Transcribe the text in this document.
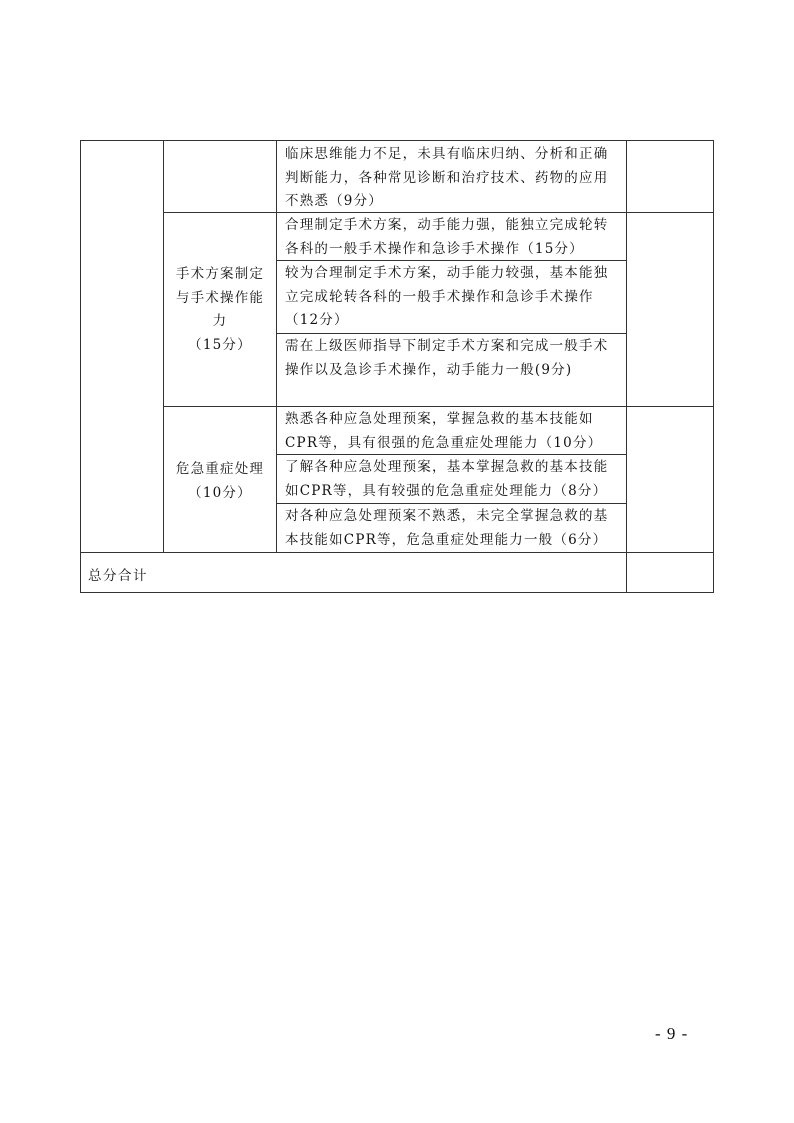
临床思维能力不足，未具有临床归纳、分析和正确判断能力，各种常见诊断和治疗技术、药物的应用不熟悉（9分）
手术方案制定
与手术操作能
力
（15分）
合理制定手术方案，动手能力强，能独立完成轮转各科的一般手术操作和急诊手术操作（15分）
较为合理制定手术方案，动手能力较强，基本能独立完成轮转各科的一般手术操作和急诊手术操作（12分）
需在上级医师指导下制定手术方案和完成一般手术操作以及急诊手术操作，动手能力一般(9分)
危急重症处理
（10分）
熟悉各种应急处理预案，掌握急救的基本技能如CPR等，具有很强的危急重症处理能力（10分）
了解各种应急处理预案，基本掌握急救的基本技能如CPR等，具有较强的危急重症处理能力（8分）
对各种应急处理预案不熟悉，未完全掌握急救的基本技能如CPR等，危急重症处理能力一般（6分）
总分合计
- 9 -
